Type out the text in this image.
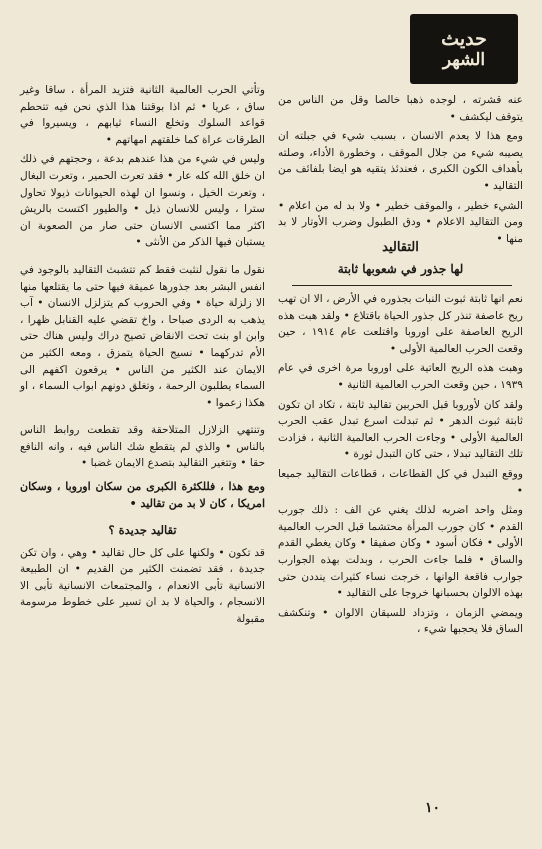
حديث
الشهر

عنه قشرته ، لوجده ذهبا خالصا وقل من الناس من يتوقف ليكشف •

ومع هذا لا يعدم الانسان ، بسبب شيء في جبلته ان يصيبه شيء من جلال الموقف ، وخطورة الأداء، وصلته بأهداف الكون الكبرى ، فعندئذ يتقيه هو ايضا بلفائف من التقاليد •

الشيء خطير ، والموقف خطير • ولا بد له من اعلام • ومن التقاليد الاعلام • ودق الطبول وضرب الأوتار لا بد منها •

نعم انها ثابتة ثبوت النبات بجذوره في الأرض ، الا ان تهب ريح عاصفة تنذر كل جذور الحياة باقتلاع • ولقد هبت هذه الريح العاصفة على اوروبا واقتلعت عام ١٩١٤ ، حين وقعت الحرب العالمية الأولى •

وهبت هذه الريح العاتية على اوروبا مرة اخرى في عام ١٩٣٩ ، حين وقعت الحرب العالمية الثانية •

ولقد كان لأوروبا قبل الحربين تقاليد ثابتة ، تكاد ان تكون ثابتة ثبوت الدهر • ثم تبدلت اسرع تبدل عقب الحرب العالمية الأولى • وجاءت الحرب العالمية الثانية ، فزادت تلك التقاليد تبدلا ، حتى كان التبدل ثورة •

ووقع التبدل في كل القطاعات ، قطاعات التقاليد جميعا •

ومثل واحد اضربه لذلك يغني عن الف : ذلك جورب القدم • كان جورب المرأة محتشما قبل الحرب العالمية الأولى • فكان أسود • وكان صفيقا • وكان يغطي القدم والساق • فلما جاءت الحرب ، وبدلت بهذه الجوارب جوارب فاقعة الوانها ، خرجت نساء كثيرات ينددن حتى بهذه الالوان بحسبانها خروجا على التقاليد •

ويمضي الزمان ، وتزداد للسيقان الالوان • وتنكشف الساق فلا يحجبها شيء ،

التقاليد
لها جذور في شعوبها ثابتة

وتأتي الحرب العالمية الثانية فتزيد المرأة ، ساقا وغير ساق ، عريا • ثم اذا بوقتنا هذا الذي نحن فيه تتحطم قواعد السلوك وتخلع النساء ثيابهم ، ويسيروا في الطرقات عراة كما خلقتهم امهاتهم •

وليس في شيء من هذا عندهم بدعة ، وحجتهم في ذلك ان خلق الله كله عار • فقد تعرت الحمير ، وتعرت البغال ، وتعرت الخيل ، ونسوا ان لهذه الحيوانات ذيولا تحاول سترا ، وليس للانسان ذيل • والطيور اكتست بالريش اكثر مما اكتسى الانسان حتى صار من الصعوبة ان يستبان فيها الذكر من الأنثى •

نقول ما نقول لنثبت فقط كم تتشبث التقاليد بالوجود في انفس البشر بعد جذورها عميقة فيها حتى ما يقتلعها منها الا زلزلة حياة • وفي الحروب كم يتزلزل الانسان • آب يذهب به الردى صباحا ، واخ تقضي عليه القنابل ظهرا ، وابن او بنت تحت الانقاض تصيح دراك وليس هناك حتى الأم تدركهما • نسيج الحياة يتمزق ، ومعه الكثير من الايمان عند الكثير من الناس • يرفعون اكفهم الى السماء يطلبون الرحمة ، وتغلق دونهم ابواب السماء ، او هكذا زعموا •

وتنتهي الزلازل المتلاحقة وقد تقطعت روابط الناس بالناس • والذي لم يتقطع شك الناس فيه ، وانه النافع حقا • وتتغير التقاليد بتصدع الايمان غضبا •

ومع هذا ، فللكثرة الكبرى من سكان اوروبا ، وسكان امريكا ، كان لا بد من تقاليد •

تقاليد جديدة ؟

قد تكون • ولكنها على كل حال تقاليد • وهي ، وان تكن جديدة ، فقد تضمنت الكثير من القديم • ان الطبيعة الانسانية تأبى الانعدام ، والمجتمعات الانسانية تأبى الا الانسجام ، والحياة لا بد ان تسير على خطوط مرسومة مقبولة

١٠
